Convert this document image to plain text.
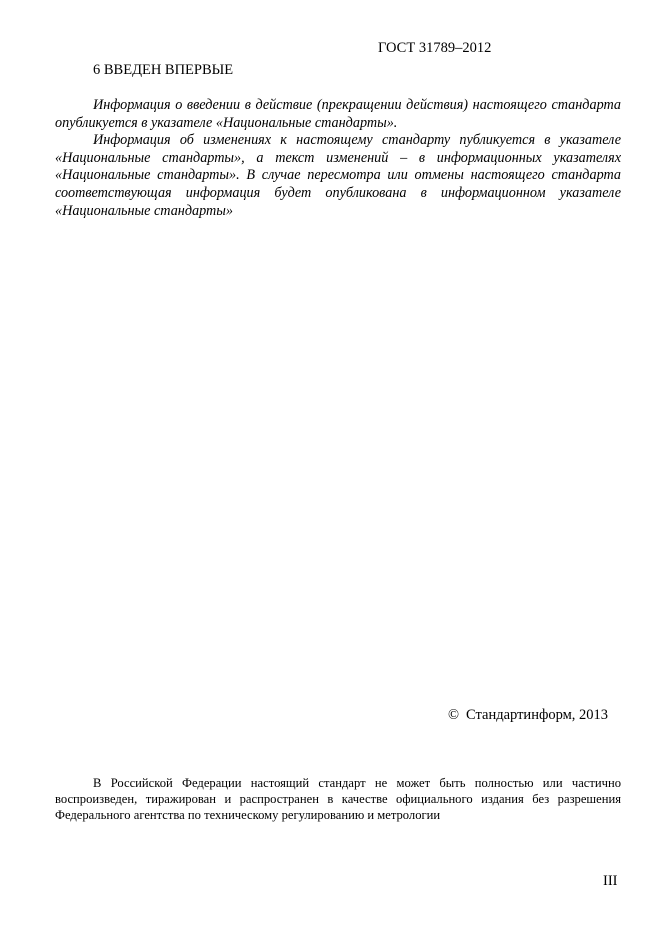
ГОСТ 31789–2012
6 ВВЕДЕН ВПЕРВЫЕ

Информация о введении в действие (прекращении действия) настоящего стандарта опубликуется в указателе «Национальные стандарты».

Информация об изменениях к настоящему стандарту публикуется в указателе «Национальные стандарты», а текст изменений – в информационных указателях «Национальные стандарты». В случае пересмотра или отмены настоящего стандарта соответствующая информация будет опубликована в информационном указателе «Национальные стандарты»

© Стандартинформ, 2013

В Российской Федерации настоящий стандарт не может быть полностью или частично воспроизведен, тиражирован и распространен в качестве официального издания без разрешения Федерального агентства по техническому регулированию и метрологии

III
